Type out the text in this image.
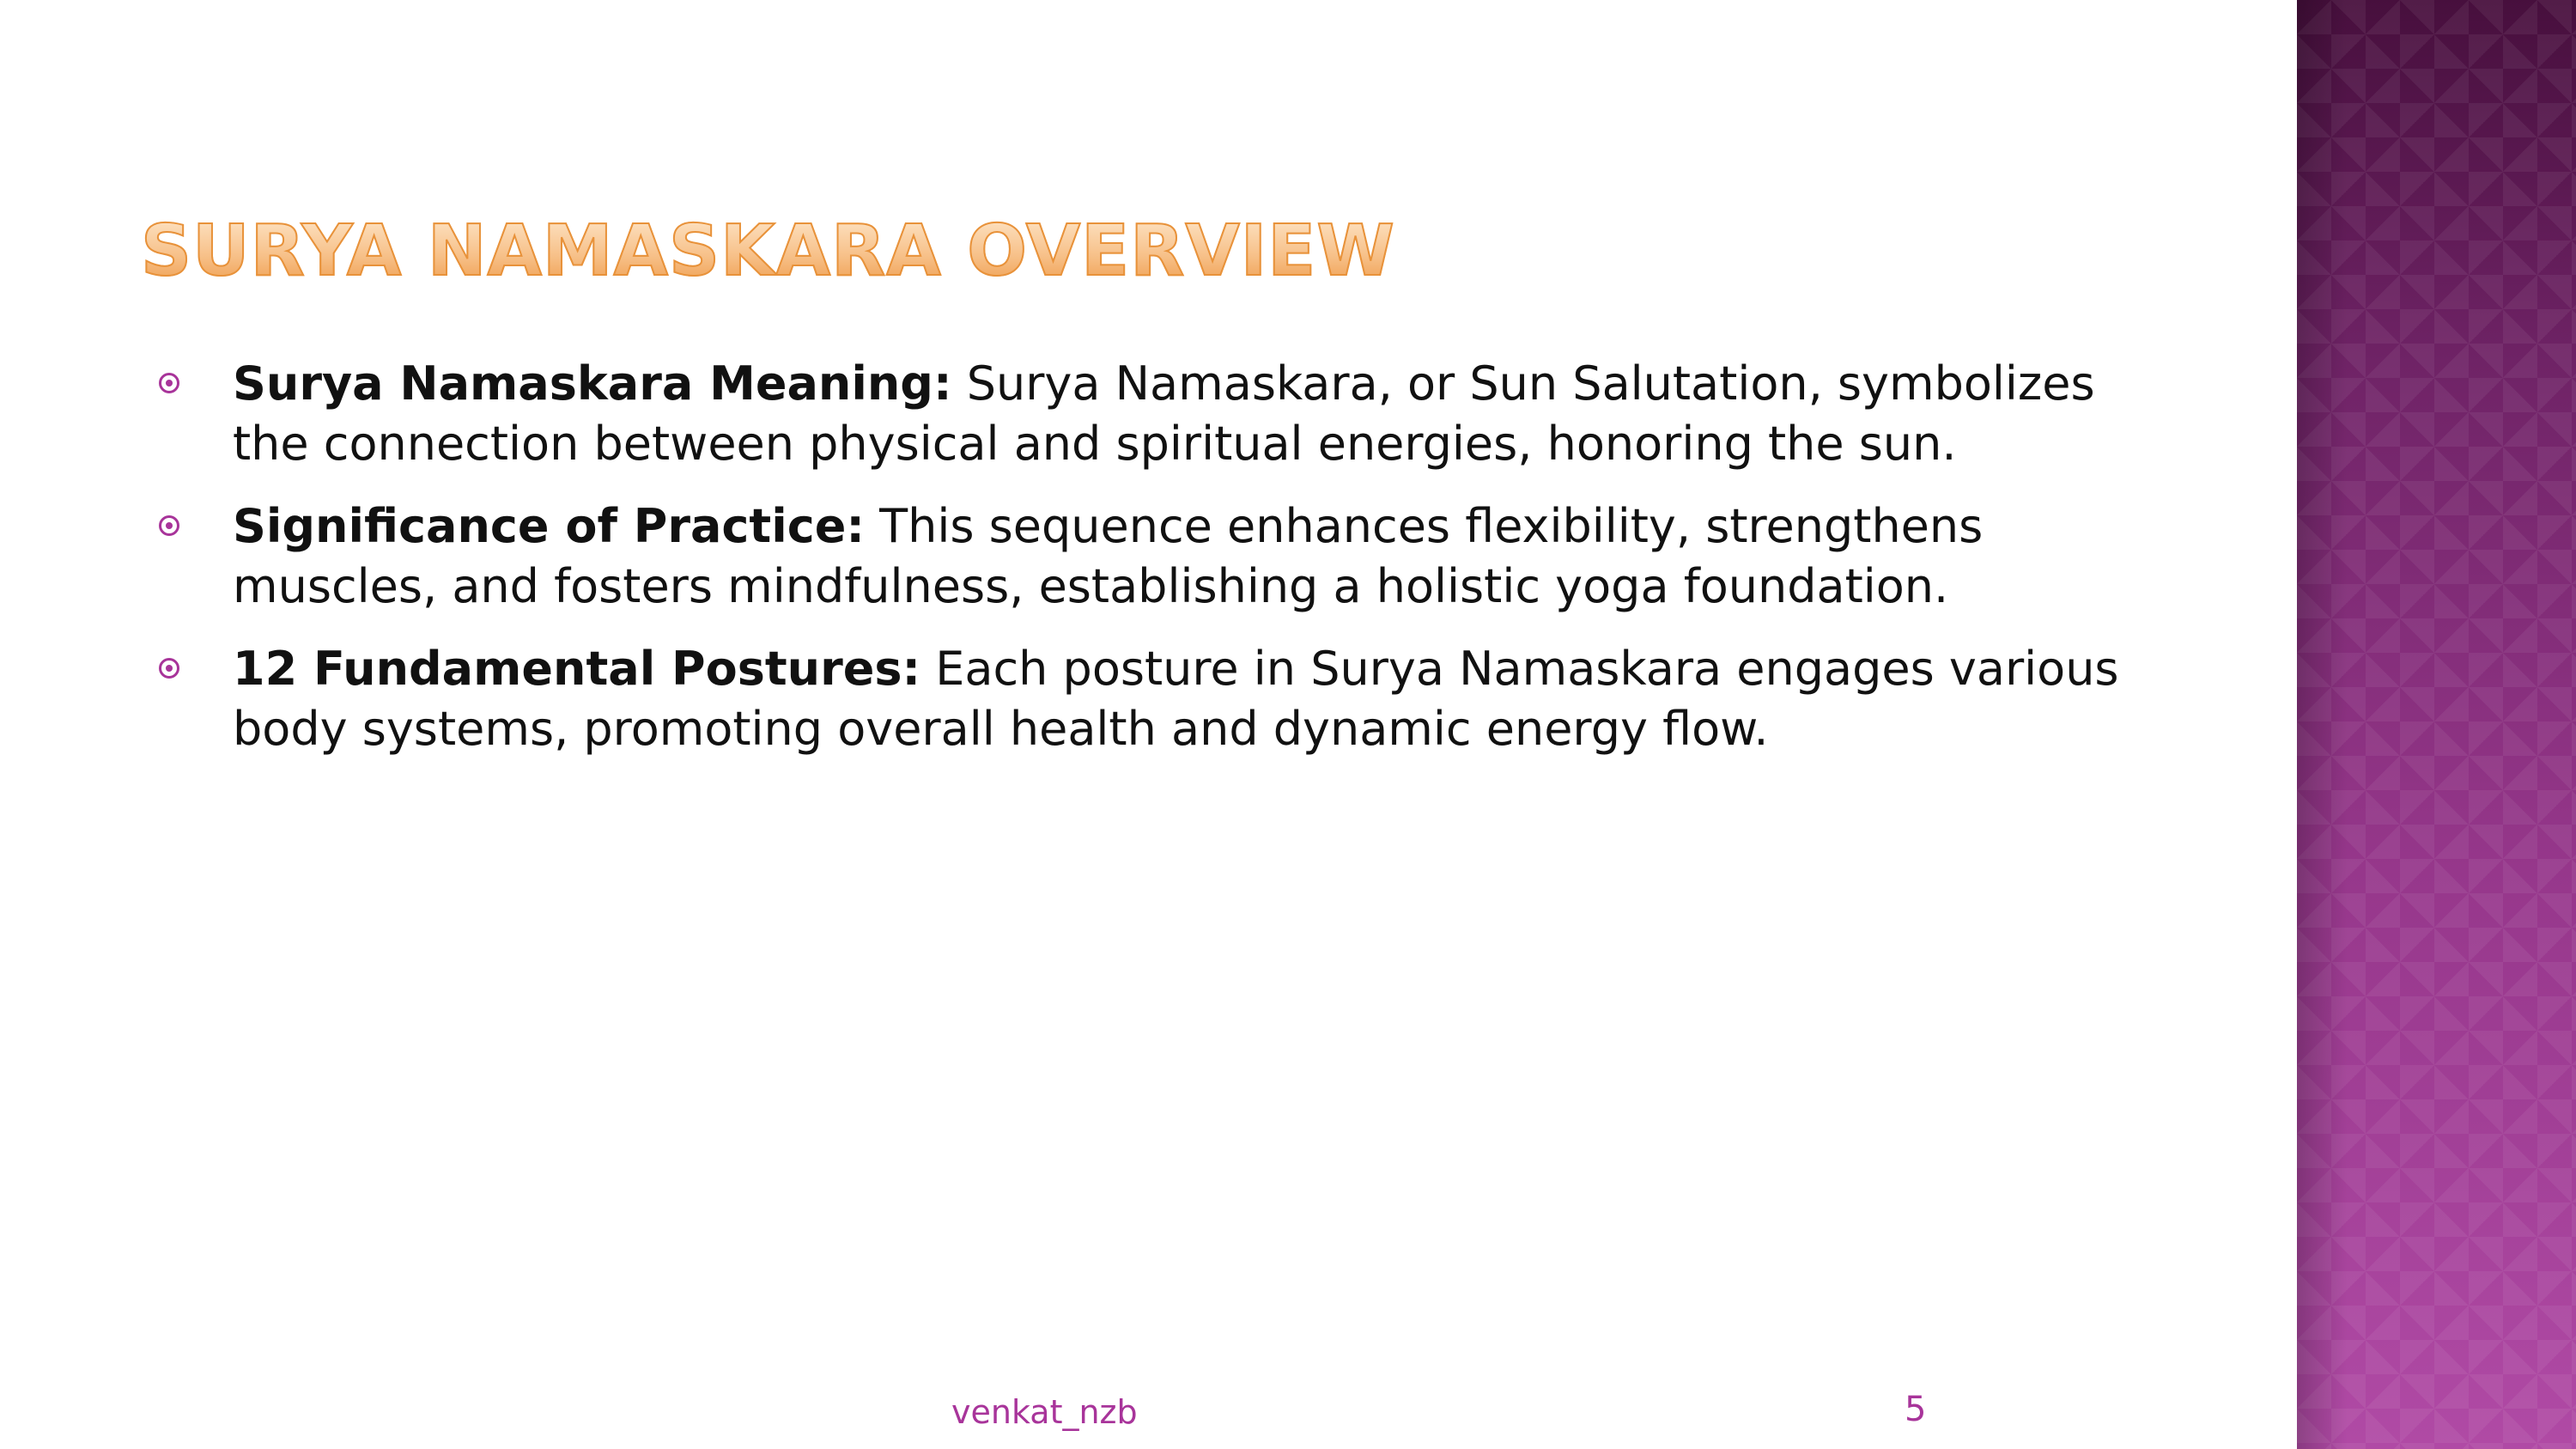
SURYA NAMASKARA OVERVIEW
Surya Namaskara Meaning: Surya Namaskara, or Sun Salutation, symbolizes the connection between physical and spiritual energies, honoring the sun.
Significance of Practice: This sequence enhances flexibility, strengthens muscles, and fosters mindfulness, establishing a holistic yoga foundation.
12 Fundamental Postures: Each posture in Surya Namaskara engages various body systems, promoting overall health and dynamic energy flow.
venkat_nzb	5
